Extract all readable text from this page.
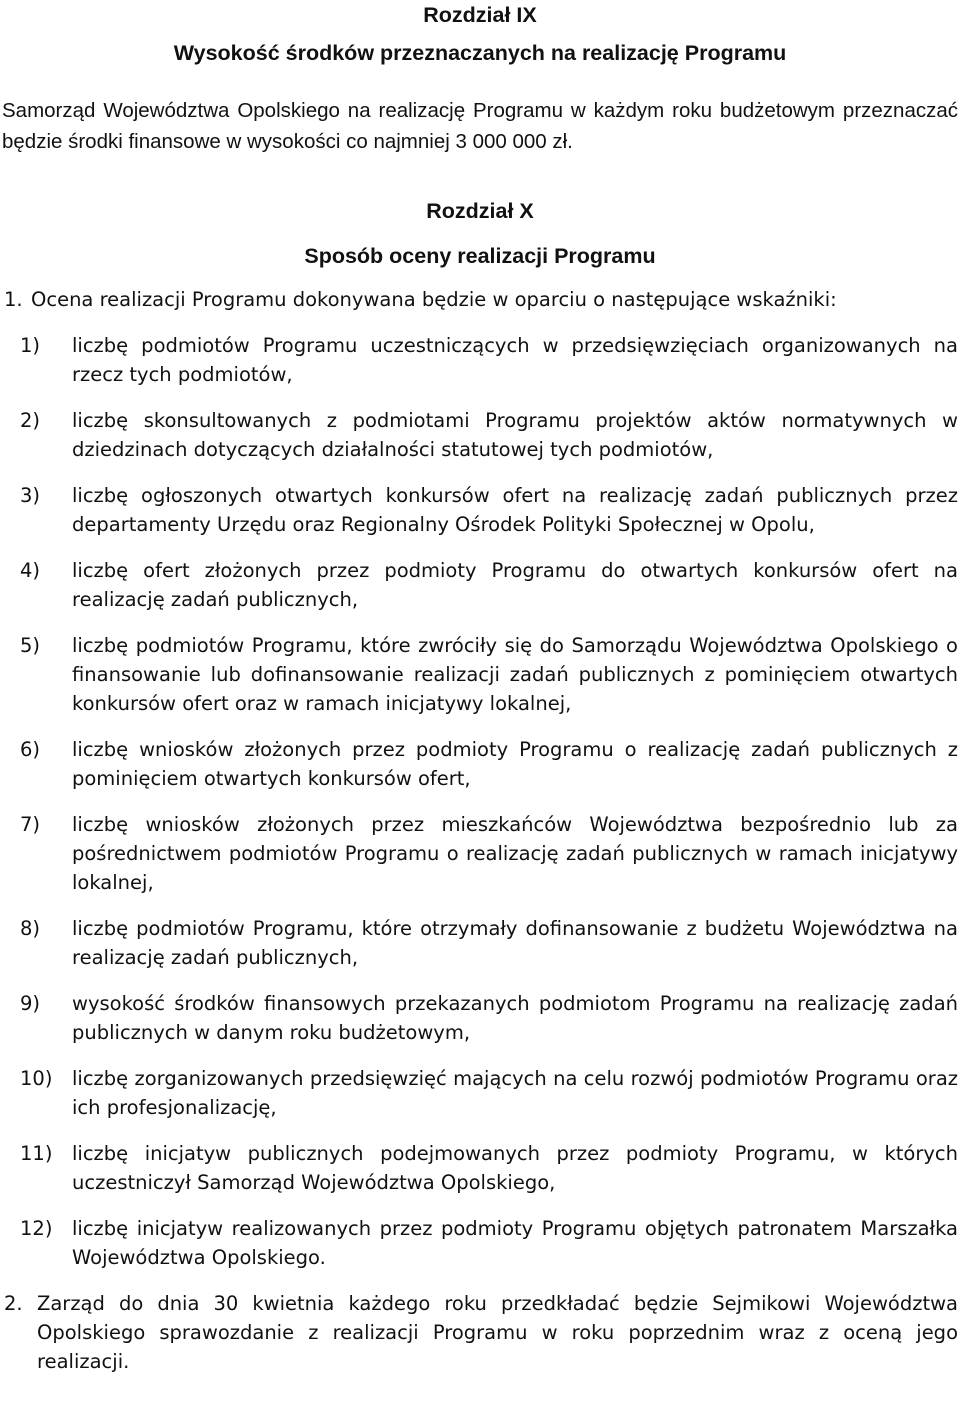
Rozdział IX
Wysokość środków przeznaczanych na realizację Programu

Samorząd Województwa Opolskiego na realizację Programu w każdym roku budżetowym przeznaczać będzie środki finansowe w wysokości co najmniej 3 000 000 zł.

Rozdział X
Sposób oceny realizacji Programu
1. Ocena realizacji Programu dokonywana będzie w oparciu o następujące wskaźniki:
1)	liczbę podmiotów Programu uczestniczących w przedsięwzięciach organizowanych na rzecz tych podmiotów,
2)	liczbę skonsultowanych z podmiotami Programu projektów aktów normatywnych w dziedzinach dotyczących działalności statutowej tych podmiotów,
3)	liczbę ogłoszonych otwartych konkursów ofert na realizację zadań publicznych przez departamenty Urzędu oraz Regionalny Ośrodek Polityki Społecznej w Opolu,
4)	liczbę ofert złożonych przez podmioty Programu do otwartych konkursów ofert na realizację zadań publicznych,
5)	liczbę podmiotów Programu, które zwróciły się do Samorządu Województwa Opolskiego o finansowanie lub dofinansowanie realizacji zadań publicznych z pominięciem otwartych konkursów ofert oraz w ramach inicjatywy lokalnej,
6)	liczbę wniosków złożonych przez podmioty Programu o realizację zadań publicznych z pominięciem otwartych konkursów ofert,
7)	liczbę wniosków złożonych przez mieszkańców Województwa bezpośrednio lub za pośrednictwem podmiotów Programu o realizację zadań publicznych w ramach inicjatywy lokalnej,
8)	liczbę podmiotów Programu, które otrzymały dofinansowanie z budżetu Województwa na realizację zadań publicznych,
9)	wysokość środków finansowych przekazanych podmiotom Programu na realizację zadań publicznych w danym roku budżetowym,
10)	liczbę zorganizowanych przedsięwzięć mających na celu rozwój podmiotów Programu oraz ich profesjonalizację,
11)	liczbę inicjatyw publicznych podejmowanych przez podmioty Programu, w których uczestniczył Samorząd Województwa Opolskiego,
12)	liczbę inicjatyw realizowanych przez podmioty Programu objętych patronatem Marszałka Województwa Opolskiego.
2. Zarząd do dnia 30 kwietnia każdego roku przedkładać będzie Sejmikowi Województwa Opolskiego sprawozdanie z realizacji Programu w roku poprzednim wraz z oceną jego realizacji.
